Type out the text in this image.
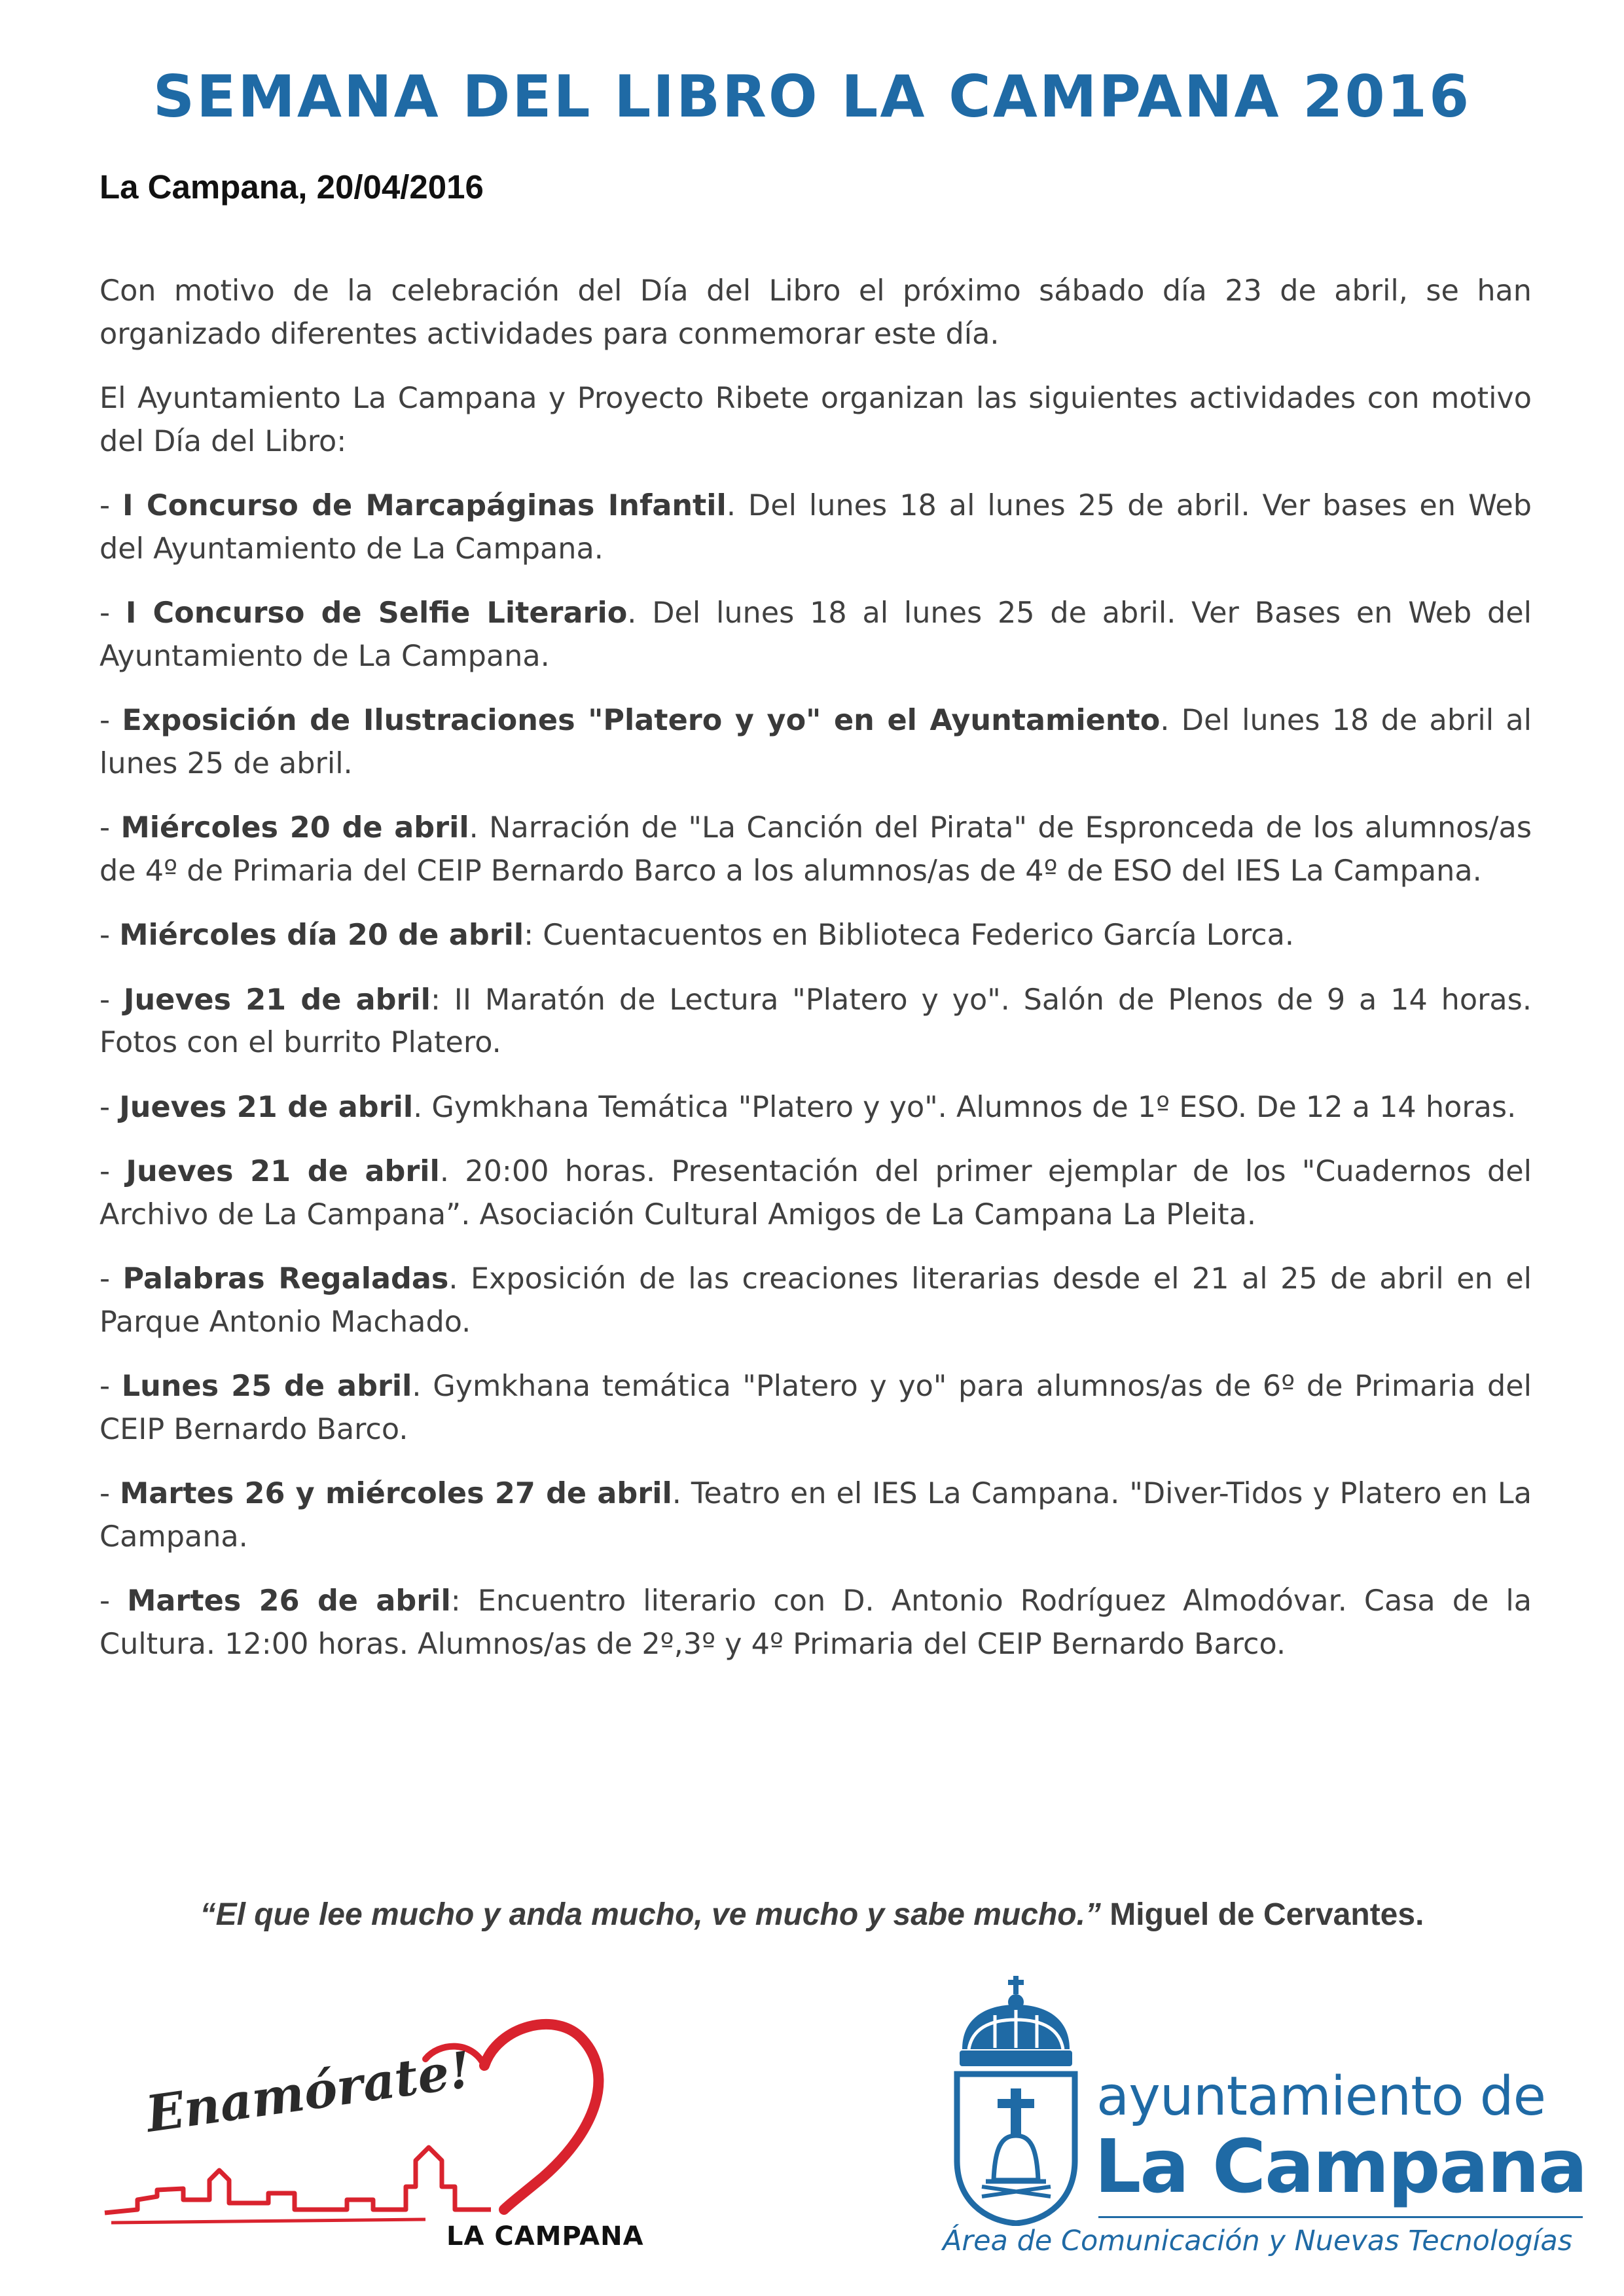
SEMANA DEL LIBRO LA CAMPANA 2016
La Campana, 20/04/2016

Con motivo de la celebración del Día del Libro el próximo sábado día 23 de abril, se han organizado diferentes actividades para conmemorar este día.

El Ayuntamiento La Campana y Proyecto Ribete organizan las siguientes actividades con motivo del Día del Libro:

- I Concurso de Marcapáginas Infantil. Del lunes 18 al lunes 25 de abril. Ver bases en Web del Ayuntamiento de La Campana.

- I Concurso de Selfie Literario. Del lunes 18 al lunes 25 de abril. Ver Bases en Web del Ayuntamiento de La Campana.

- Exposición de Ilustraciones "Platero y yo" en el Ayuntamiento. Del lunes 18 de abril al lunes 25 de abril.

- Miércoles 20 de abril. Narración de "La Canción del Pirata" de Espronceda de los alumnos/as de 4º de Primaria del CEIP Bernardo Barco a los alumnos/as de 4º de ESO del IES La Campana.

- Miércoles día 20 de abril: Cuentacuentos en Biblioteca Federico García Lorca.

- Jueves 21 de abril: II Maratón de Lectura "Platero y yo". Salón de Plenos de 9 a 14 horas. Fotos con el burrito Platero.

- Jueves 21 de abril. Gymkhana Temática "Platero y yo". Alumnos de 1º ESO. De 12 a 14 horas.

- Jueves 21 de abril. 20:00 horas. Presentación del primer ejemplar de los "Cuadernos del Archivo de La Campana”. Asociación Cultural Amigos de La Campana La Pleita.

- Palabras Regaladas. Exposición de las creaciones literarias desde el 21 al 25 de abril en el Parque Antonio Machado.

- Lunes 25 de abril. Gymkhana temática "Platero y yo" para alumnos/as de 6º de Primaria del CEIP Bernardo Barco.

- Martes 26 y miércoles 27 de abril. Teatro en el IES La Campana. "Diver-Tidos y Platero en La Campana.

- Martes 26 de abril: Encuentro literario con D. Antonio Rodríguez Almodóvar. Casa de la Cultura. 12:00 horas. Alumnos/as de 2º,3º y 4º Primaria del CEIP Bernardo Barco.

“El que lee mucho y anda mucho, ve mucho y sabe mucho.” Miguel de Cervantes.
Enamórate!
LA CAMPANA
ayuntamiento de
La Campana
Área de Comunicación y Nuevas Tecnologías
